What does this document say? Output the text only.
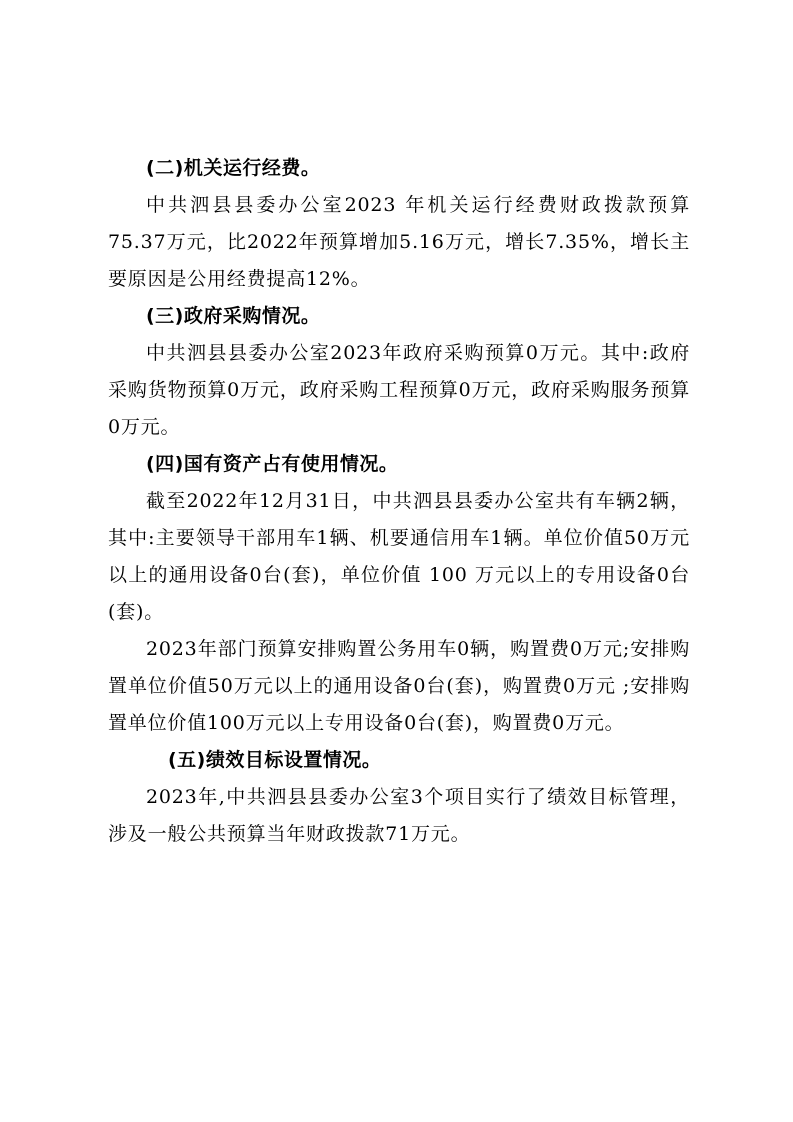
(二)机关运行经费。

中共泗县县委办公室2023 年机关运行经费财政拨款预算75.37万元，比2022年预算增加5.16万元，增长7.35%，增长主要原因是公用经费提高12%。

(三)政府采购情况。

中共泗县县委办公室2023年政府采购预算0万元。其中:政府采购货物预算0万元，政府采购工程预算0万元，政府采购服务预算0万元。

(四)国有资产占有使用情况。

截至2022年12月31日，中共泗县县委办公室共有车辆2辆，其中:主要领导干部用车1辆、机要通信用车1辆。单位价值50万元以上的通用设备0台(套)，单位价值 100 万元以上的专用设备0台(套)。

2023年部门预算安排购置公务用车0辆，购置费0万元;安排购置单位价值50万元以上的通用设备0台(套)，购置费0万元 ;安排购置单位价值100万元以上专用设备0台(套)，购置费0万元。

(五)绩效目标设置情况。

2023年,中共泗县县委办公室3个项目实行了绩效目标管理，涉及一般公共预算当年财政拨款71万元。
